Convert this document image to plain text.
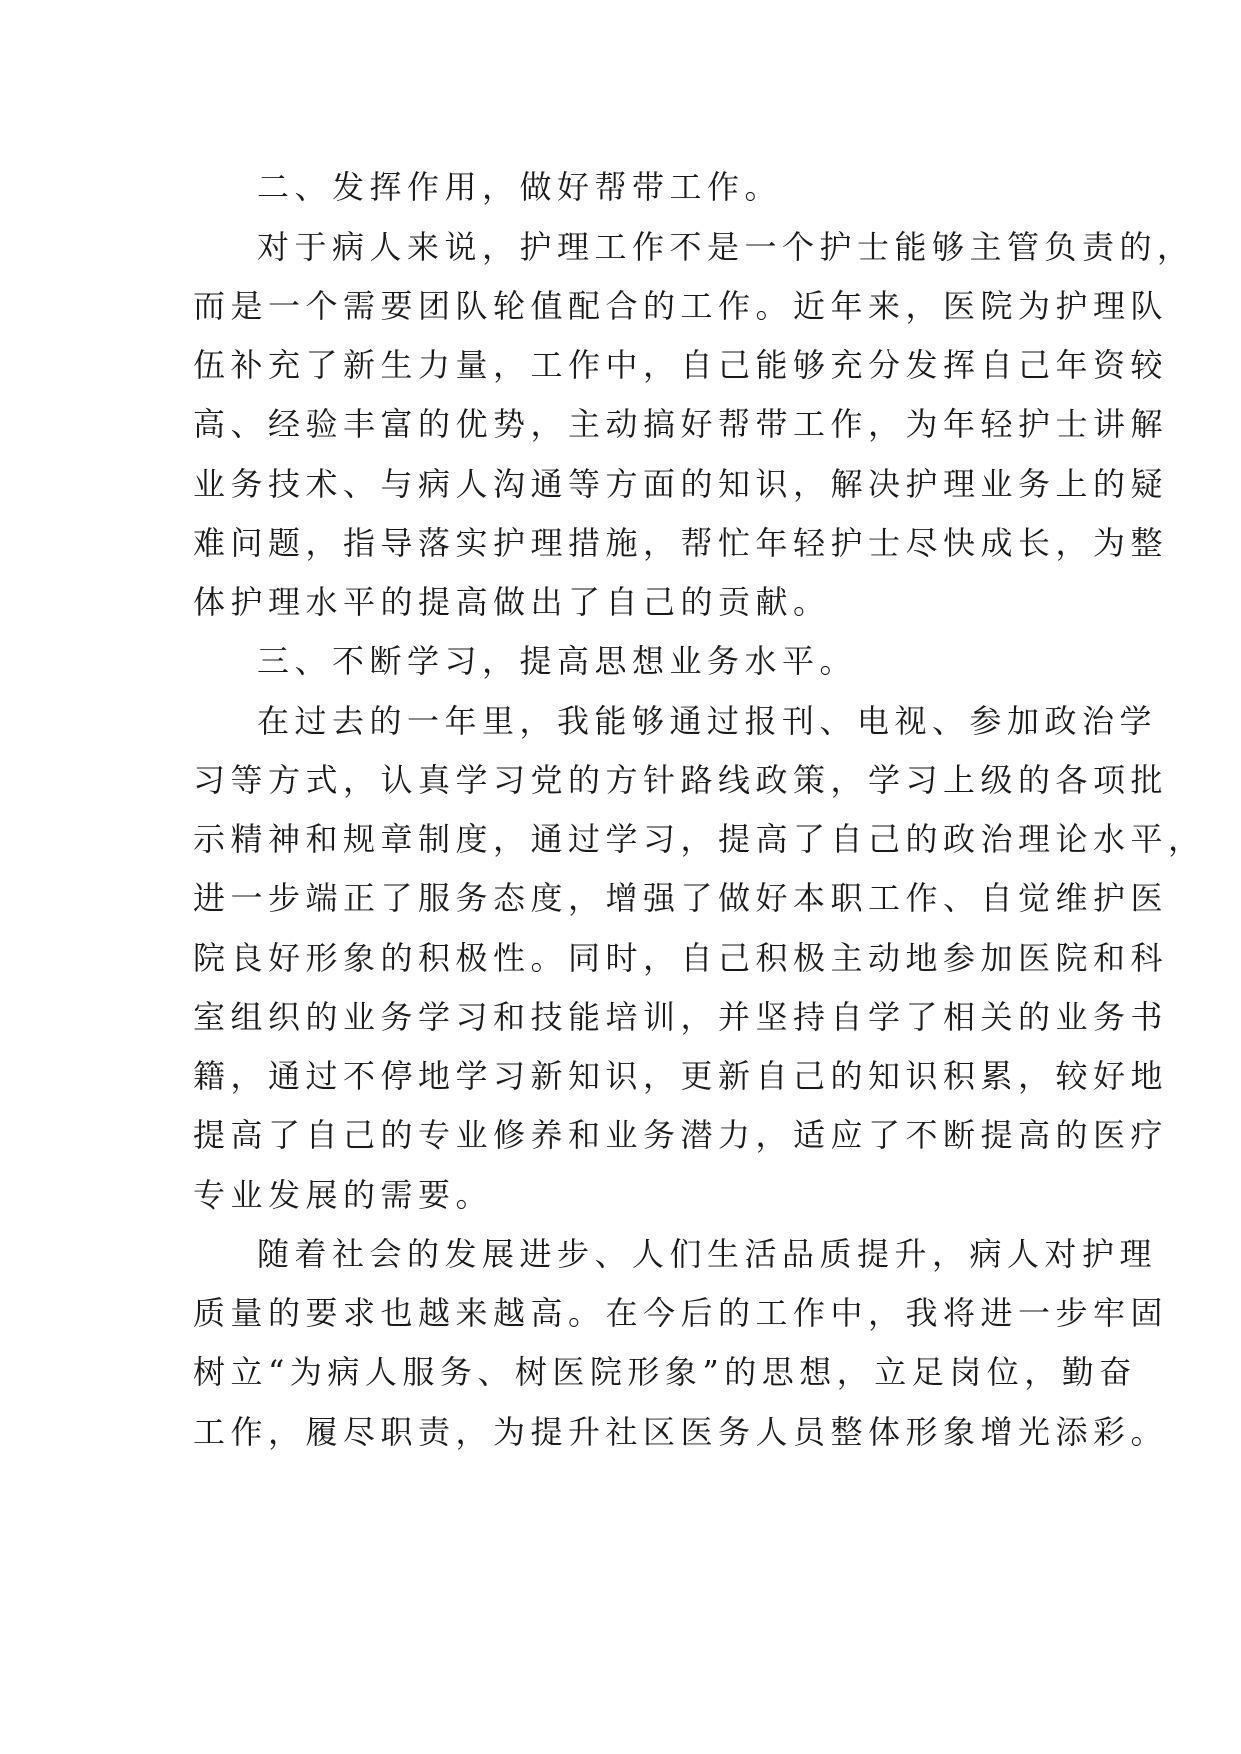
二、发挥作用，做好帮带工作。
对于病人来说，护理工作不是一个护士能够主管负责的，
而是一个需要团队轮值配合的工作。近年来，医院为护理队
伍补充了新生力量，工作中，自己能够充分发挥自己年资较
高、经验丰富的优势，主动搞好帮带工作，为年轻护士讲解
业务技术、与病人沟通等方面的知识，解决护理业务上的疑
难问题，指导落实护理措施，帮忙年轻护士尽快成长，为整
体护理水平的提高做出了自己的贡献。
三、不断学习，提高思想业务水平。
在过去的一年里，我能够通过报刊、电视、参加政治学
习等方式，认真学习党的方针路线政策，学习上级的各项批
示精神和规章制度，通过学习，提高了自己的政治理论水平，
进一步端正了服务态度，增强了做好本职工作、自觉维护医
院良好形象的积极性。同时，自己积极主动地参加医院和科
室组织的业务学习和技能培训，并坚持自学了相关的业务书
籍，通过不停地学习新知识，更新自己的知识积累，较好地
提高了自己的专业修养和业务潜力，适应了不断提高的医疗
专业发展的需要。
随着社会的发展进步、人们生活品质提升，病人对护理
质量的要求也越来越高。在今后的工作中，我将进一步牢固
树立“为病人服务、树医院形象”的思想，立足岗位，勤奋
工作，履尽职责，为提升社区医务人员整体形象增光添彩。
